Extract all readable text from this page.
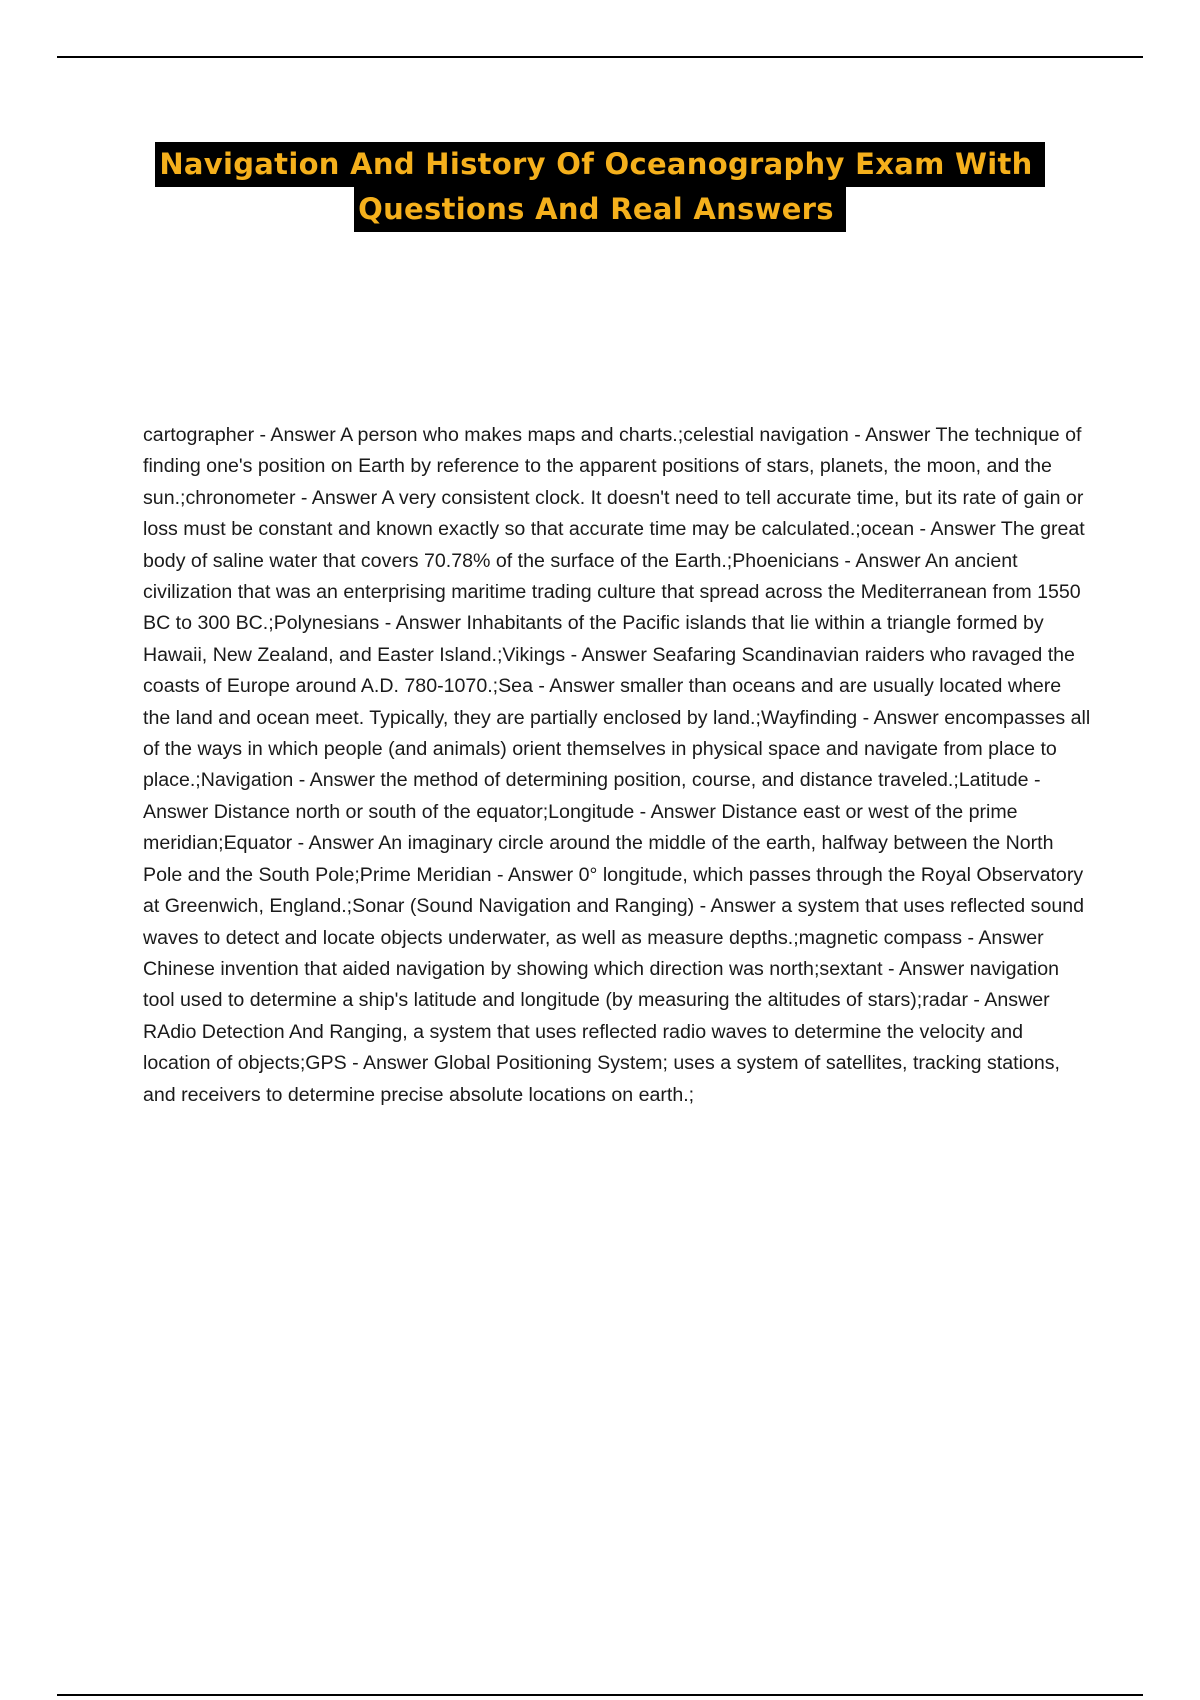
Navigation And History Of Oceanography Exam With
Questions And Real Answers

cartographer - Answer A person who makes maps and charts.;celestial navigation - Answer The technique of finding one's position on Earth by reference to the apparent positions of stars, planets, the moon, and the sun.;chronometer - Answer A very consistent clock. It doesn't need to tell accurate time, but its rate of gain or loss must be constant and known exactly so that accurate time may be calculated.;ocean - Answer The great body of saline water that covers 70.78% of the surface of the Earth.;Phoenicians - Answer An ancient civilization that was an enterprising maritime trading culture that spread across the Mediterranean from 1550 BC to 300 BC.;Polynesians - Answer Inhabitants of the Pacific islands that lie within a triangle formed by Hawaii, New Zealand, and Easter Island.;Vikings - Answer Seafaring Scandinavian raiders who ravaged the coasts of Europe around A.D. 780-1070.;Sea - Answer smaller than oceans and are usually located where the land and ocean meet. Typically, they are partially enclosed by land.;Wayfinding - Answer encompasses all of the ways in which people (and animals) orient themselves in physical space and navigate from place to place.;Navigation - Answer the method of determining position, course, and distance traveled.;Latitude - Answer Distance north or south of the equator;Longitude - Answer Distance east or west of the prime meridian;Equator - Answer An imaginary circle around the middle of the earth, halfway between the North Pole and the South Pole;Prime Meridian - Answer 0° longitude, which passes through the Royal Observatory at Greenwich, England.;Sonar (Sound Navigation and Ranging) - Answer a system that uses reflected sound waves to detect and locate objects underwater, as well as measure depths.;magnetic compass - Answer Chinese invention that aided navigation by showing which direction was north;sextant - Answer navigation tool used to determine a ship's latitude and longitude (by measuring the altitudes of stars);radar - Answer RAdio Detection And Ranging, a system that uses reflected radio waves to determine the velocity and location of objects;GPS - Answer Global Positioning System; uses a system of satellites, tracking stations, and receivers to determine precise absolute locations on earth.;
